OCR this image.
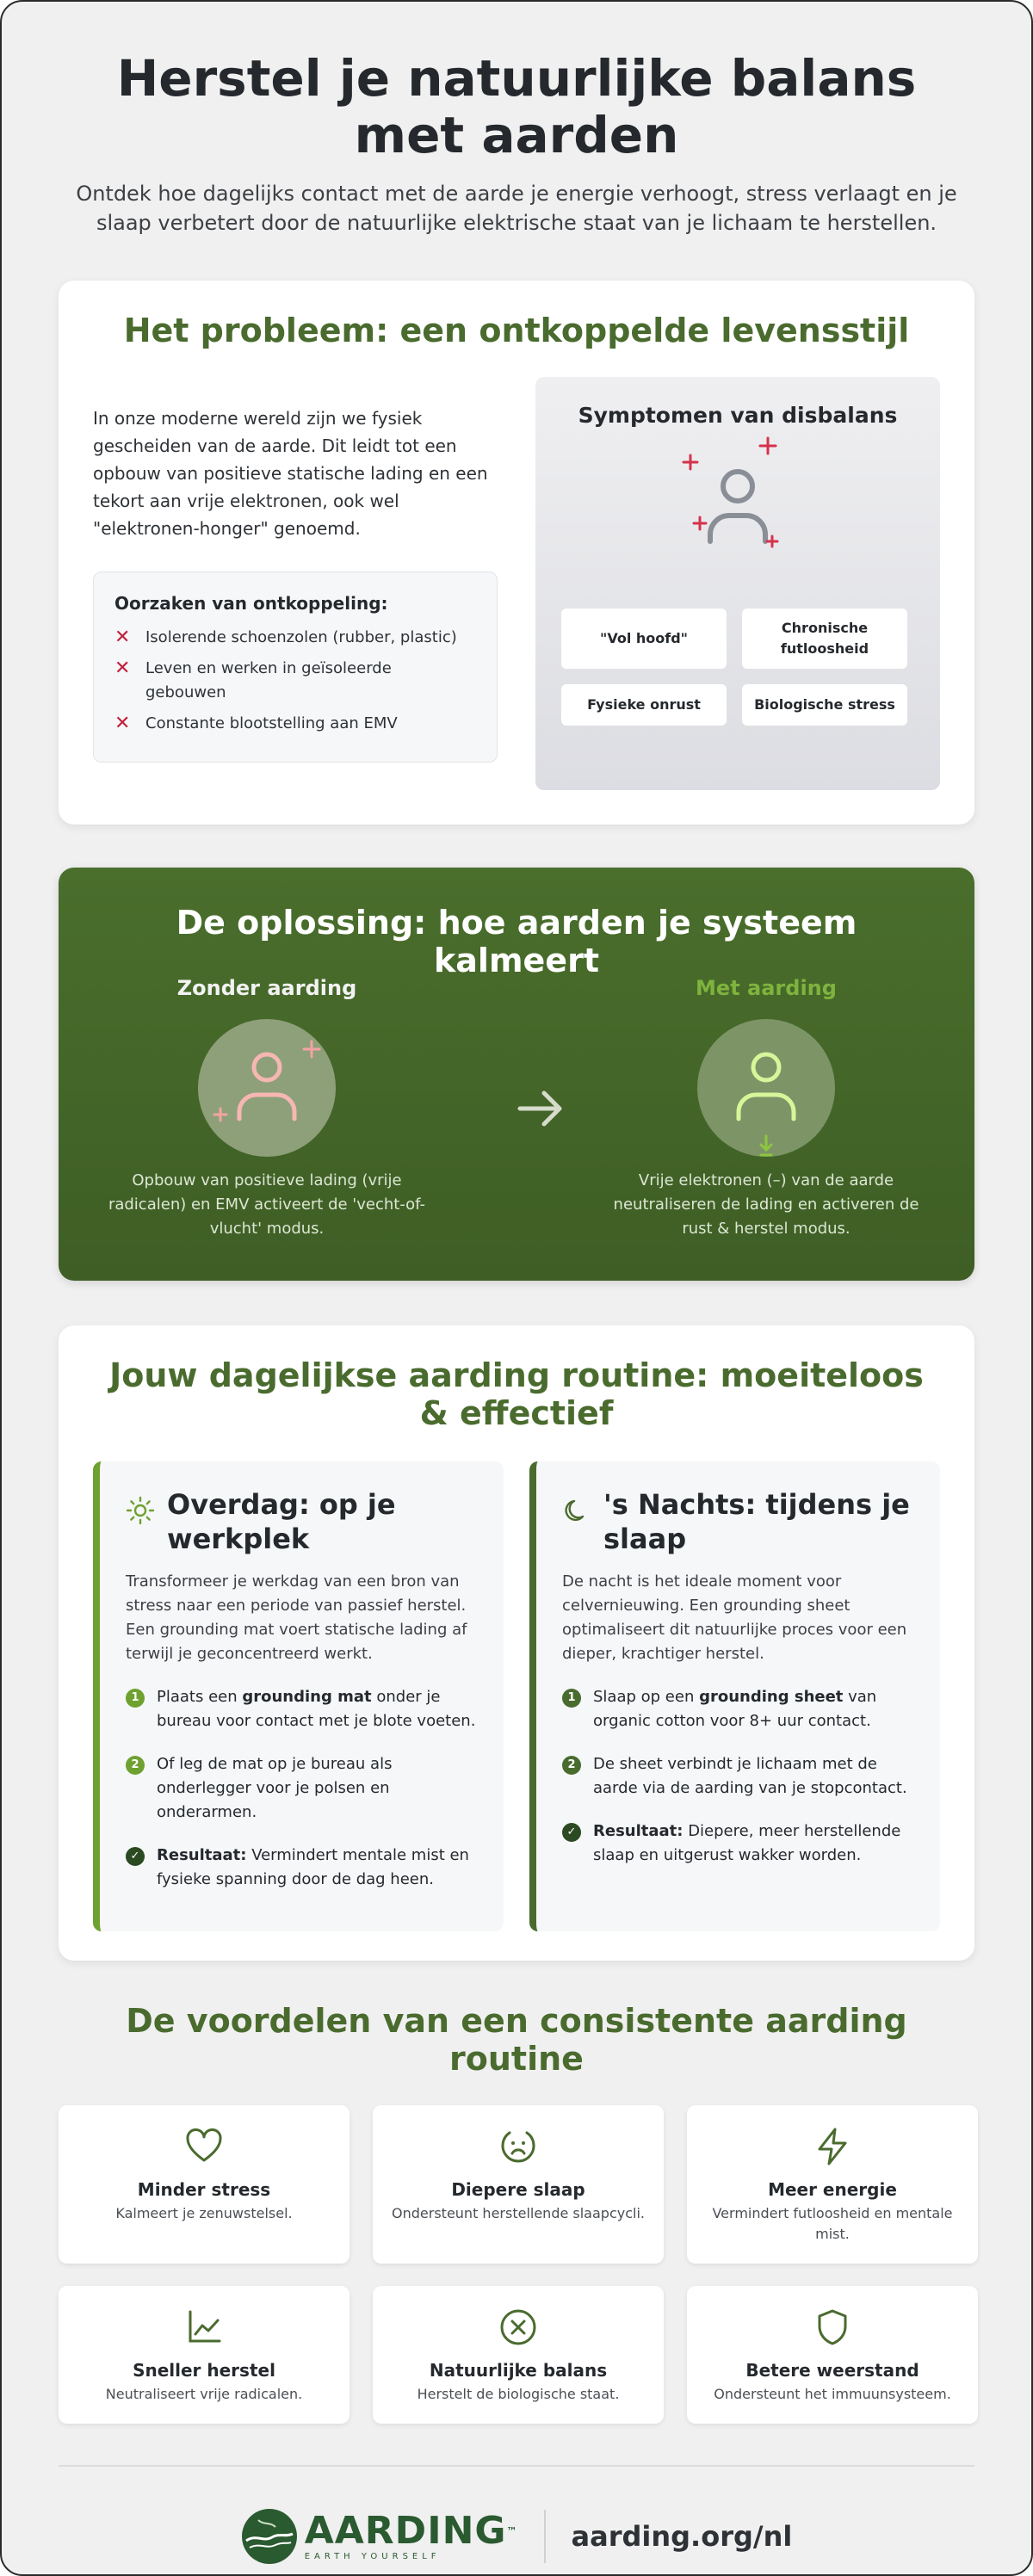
Herstel je natuurlijke balans met aarden

Ontdek hoe dagelijks contact met de aarde je energie verhoogt, stress verlaagt en je slaap verbetert door de natuurlijke elektrische staat van je lichaam te herstellen.

Het probleem: een ontkoppelde levensstijl

In onze moderne wereld zijn we fysiek gescheiden van de aarde. Dit leidt tot een opbouw van positieve statische lading en een tekort aan vrije elektronen, ook wel "elektronen-honger" genoemd.

Oorzaken van ontkoppeling:
✕ Isolerende schoenzolen (rubber, plastic)
✕ Leven en werken in geïsoleerde gebouwen
✕ Constante blootstelling aan EMV
Symptomen van disbalans
"Vol hoofd"
Chronische futloosheid
Fysieke onrust	Biologische stress
De oplossing: hoe aarden je systeem kalmeert
Zonder aarding

Opbouw van positieve lading (vrije radicalen) en EMV activeert de 'vecht-of-vlucht' modus.

Met aarding

Vrije elektronen (–) van de aarde neutraliseren de lading en activeren de rust & herstel modus.

Jouw dagelijkse aarding routine: moeiteloos & effectief
Overdag: op je werkplek

Transformeer je werkdag van een bron van stress naar een periode van passief herstel. Een grounding mat voert statische lading af terwijl je geconcentreerd werkt.

1	Plaats een grounding mat onder je bureau voor contact met je blote voeten.
2	Of leg de mat op je bureau als onderlegger voor je polsen en onderarmen.
✓	Resultaat: Vermindert mentale mist en fysieke spanning door de dag heen.
's Nachts: tijdens je slaap

De nacht is het ideale moment voor celvernieuwing. Een grounding sheet optimaliseert dit natuurlijke proces voor een dieper, krachtiger herstel.

1	Slaap op een grounding sheet van organic cotton voor 8+ uur contact.
2	De sheet verbindt je lichaam met de aarde via de aarding van je stopcontact.
✓	Resultaat: Diepere, meer herstellende slaap en uitgerust wakker worden.
De voordelen van een consistente aarding routine
Minder stress

Kalmeert je zenuwstelsel.

Diepere slaap

Ondersteunt herstellende slaapcycli.

Meer energie

Vermindert futloosheid en mentale mist.

Sneller herstel

Neutraliseert vrije radicalen.

Natuurlijke balans

Herstelt de biologische staat.

Betere weerstand

Ondersteunt het immuunsysteem.

AARDING™
EARTH YOURSELF
aarding.org/nl
